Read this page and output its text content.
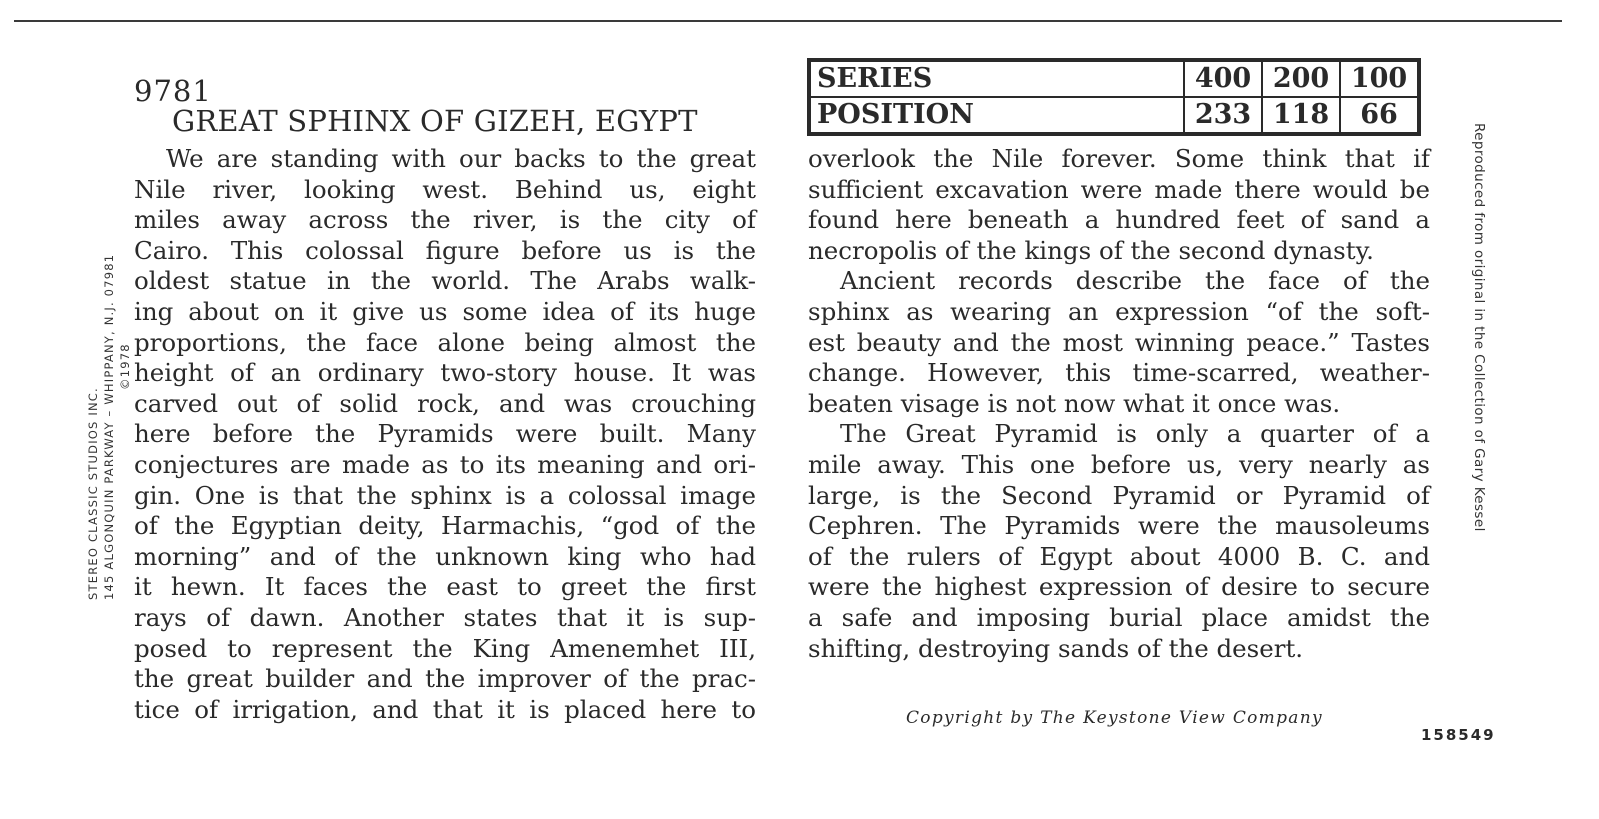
STEREO CLASSIC STUDIOS INC. 145 ALGONQUIN PARKWAY – WHIPPANY, N.J. 07981 ©1978	Reproduced from original in the Collection of Gary Kessel
9781
GREAT SPHINX OF GIZEH, EGYPT
SERIES	400	200	100
POSITION	233	118	66
We are standing with our backs to the great
Nile river, looking west. Behind us, eight
miles away across the river, is the city of
Cairo. This colossal figure before us is the
oldest statue in the world. The Arabs walk-
ing about on it give us some idea of its huge
proportions, the face alone being almost the
height of an ordinary two-story house. It was
carved out of solid rock, and was crouching
here before the Pyramids were built. Many
conjectures are made as to its meaning and ori-
gin. One is that the sphinx is a colossal image
of the Egyptian deity, Harmachis, “god of the
morning” and of the unknown king who had
it hewn. It faces the east to greet the first
rays of dawn. Another states that it is sup-
posed to represent the King Amenemhet III,
the great builder and the improver of the prac-
tice of irrigation, and that it is placed here to
overlook the Nile forever. Some think that if
sufficient excavation were made there would be
found here beneath a hundred feet of sand a
necropolis of the kings of the second dynasty.
Ancient records describe the face of the
sphinx as wearing an expression “of the soft-
est beauty and the most winning peace.” Tastes
change. However, this time-scarred, weather-
beaten visage is not now what it once was.
The Great Pyramid is only a quarter of a
mile away. This one before us, very nearly as
large, is the Second Pyramid or Pyramid of
Cephren. The Pyramids were the mausoleums
of the rulers of Egypt about 4000 B. C. and
were the highest expression of desire to secure
a safe and imposing burial place amidst the
shifting, destroying sands of the desert.
Copyright by The Keystone View Company
158549
